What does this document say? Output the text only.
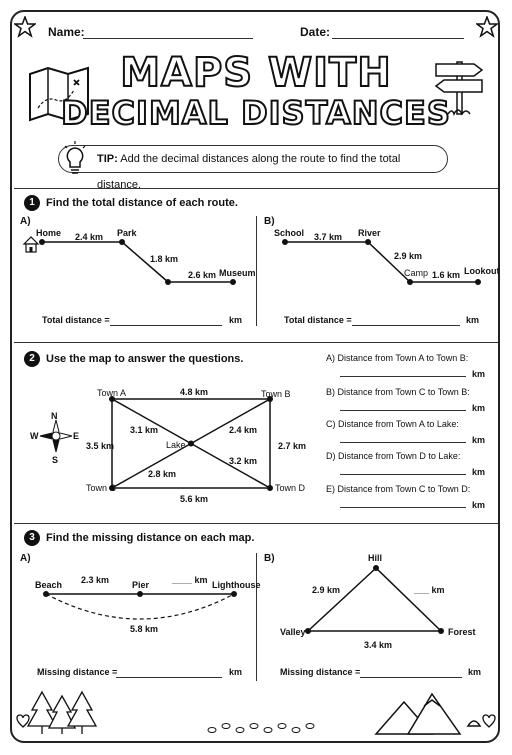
Name:	Date:
MAPS WITH
DECIMAL DISTANCES
TIP: Add the decimal distances along the route to find the total distance.
1	Find the total distance of each route.
A)	B)
Home	Park
Museum
2.4 km
1.8 km
2.6 km
School	River
Camp	Lookout
3.7 km
2.9 km
1.6 km
Total distance =	km	Total distance =	km
2	Use the map to answer the questions.
N
S
E
W
Town A	Town B
Town C	Town D
Lake
4.8 km
5.6 km
3.5 km	2.7 km
3.1 km	2.4 km
2.8 km
3.2 km
A) Distance from Town A to Town B:
km
B) Distance from Town C to Town B:
km
C) Distance from Town A to Lake:
km
D) Distance from Town D to Lake:
km
E) Distance from Town C to Town D:
km
3	Find the missing distance on each map.
A)	B)
Beach	Pier	Lighthouse
2.3 km	____ km
5.8 km
Hill
Valley	Forest
2.9 km	___ km
3.4 km
Missing distance =	km	Missing distance =	km
